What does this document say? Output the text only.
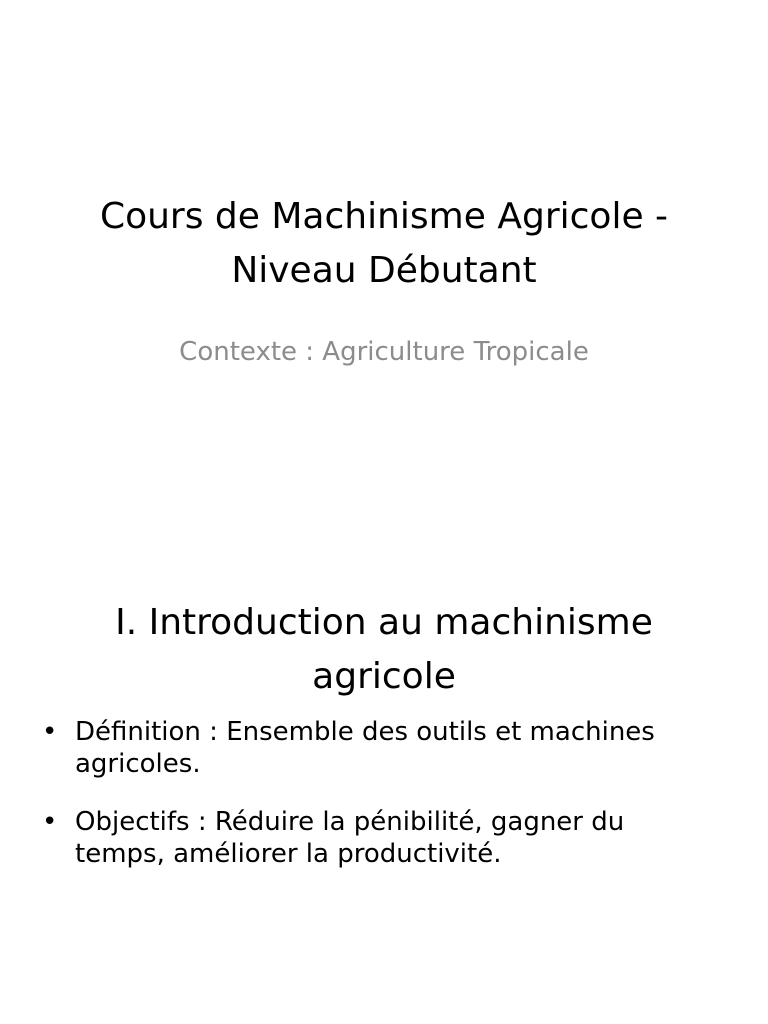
Cours de Machinisme Agricole - Niveau Débutant

Contexte : Agriculture Tropicale

I. Introduction au machinisme agricole
• Définition : Ensemble des outils et machines agricoles.
• Objectifs : Réduire la pénibilité, gagner du temps, améliorer la productivité.
